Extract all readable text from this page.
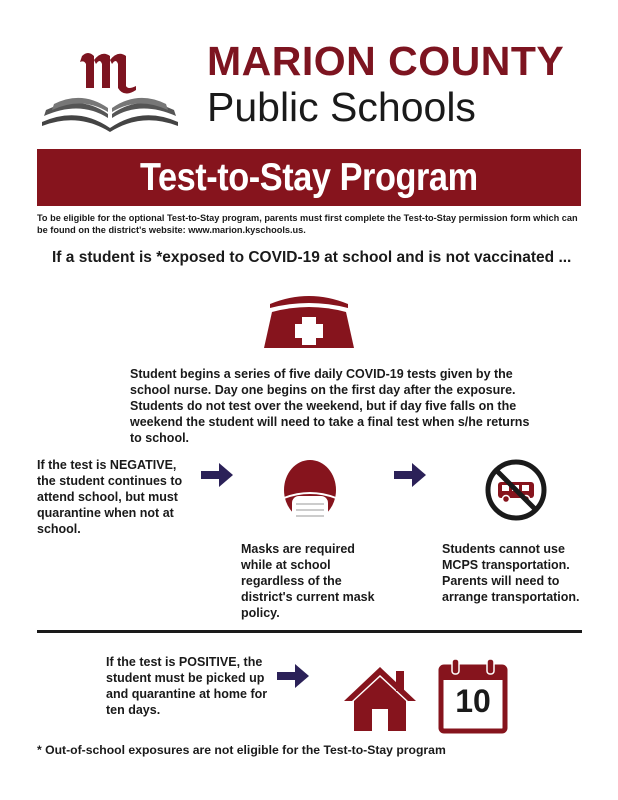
MARION COUNTY
Public Schools
Test-to-Stay Program
To be eligible for the optional Test-to-Stay program, parents must first complete the Test-to-Stay permission form which can be found on the district's website: www.marion.kyschools.us.
If a student is *exposed to COVID-19 at school and is not vaccinated ...
Student begins a series of five daily COVID-19 tests given by the school nurse. Day one begins on the first day after the exposure. Students do not test over the weekend, but if day five falls on the weekend the student will need to take a final test when s/he returns to school.
If the test is NEGATIVE, the student continues to attend school, but must quarantine when not at school.
Masks are required while at school regardless of the district's current mask policy.
Students cannot use MCPS transportation. Parents will need to arrange transportation.
If the test is POSITIVE, the student must be picked up and quarantine at home for ten days.	10
* Out-of-school exposures are not eligible for the Test-to-Stay program
